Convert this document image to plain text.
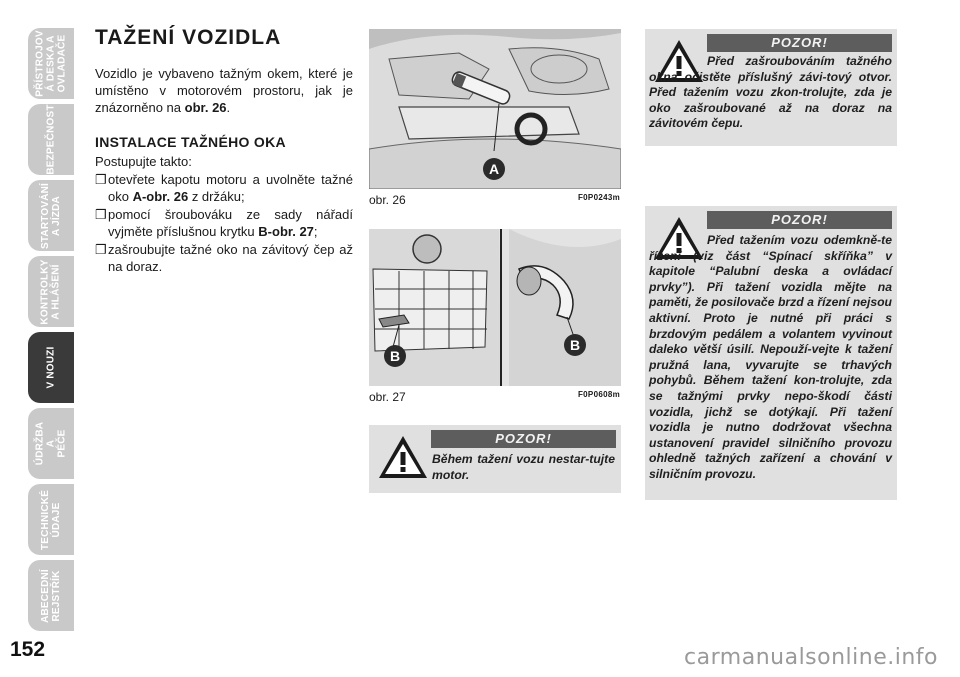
PŘÍSTROJOV
Á DESKA A
OVLADAČE
BEZPEČNOST
STARTOVÁNÍ
A JÍZDA
KONTROLKY
A HLÁŠENÍ
V NOUZI
ÚDRŽBA A
PÉČE
TECHNICKÉ
ÚDAJE
ABECEDNÍ
REJSTŘÍK
152	carmanualsonline.info
TAŽENÍ VOZIDLA

Vozidlo je vybaveno tažným okem, které je umístěno v motorovém prostoru, jak je znázorněno na obr. 26.

INSTALACE TAŽNÉHO OKA

Postupujte takto:

❒ otevřete kapotu motoru a uvolněte tažné oko A-obr. 26 z držáku;
❒ pomocí šroubováku ze sady nářadí vyjměte příslušnou krytku B-obr. 27;
❒ zašroubujte tažné oko na závitový čep až na doraz.
A
obr. 26	F0P0243m
B
B
obr. 27	F0P0608m
POZOR!
Během tažení vozu nestar-tujte motor.
POZOR!
Před zašroubováním tažného okna očistěte příslušný závi-tový otvor. Před tažením vozu zkon-trolujte, zda je oko zašroubované až na doraz na závitovém čepu.
POZOR!
Před tažením vozu odemkně-te řízení (viz část “Spínací skříňka” v kapitole “Palubní deska a ovládací prvky”). Při tažení vozidla mějte na paměti, že posilovače brzd a řízení nejsou aktivní. Proto je nutné při práci s brzdovým pedálem a volantem vyvinout daleko větší úsilí. Nepouží-vejte k tažení pružná lana, vyvarujte se trhavých pohybů. Během tažení kon-trolujte, zda se tažnými prvky nepo-škodí části vozidla, jichž se dotýkají. Při tažení vozidla je nutno dodržovat všechna ustanovení pravidel silničního provozu ohledně tažných zařízení a chování v silničním provozu.
